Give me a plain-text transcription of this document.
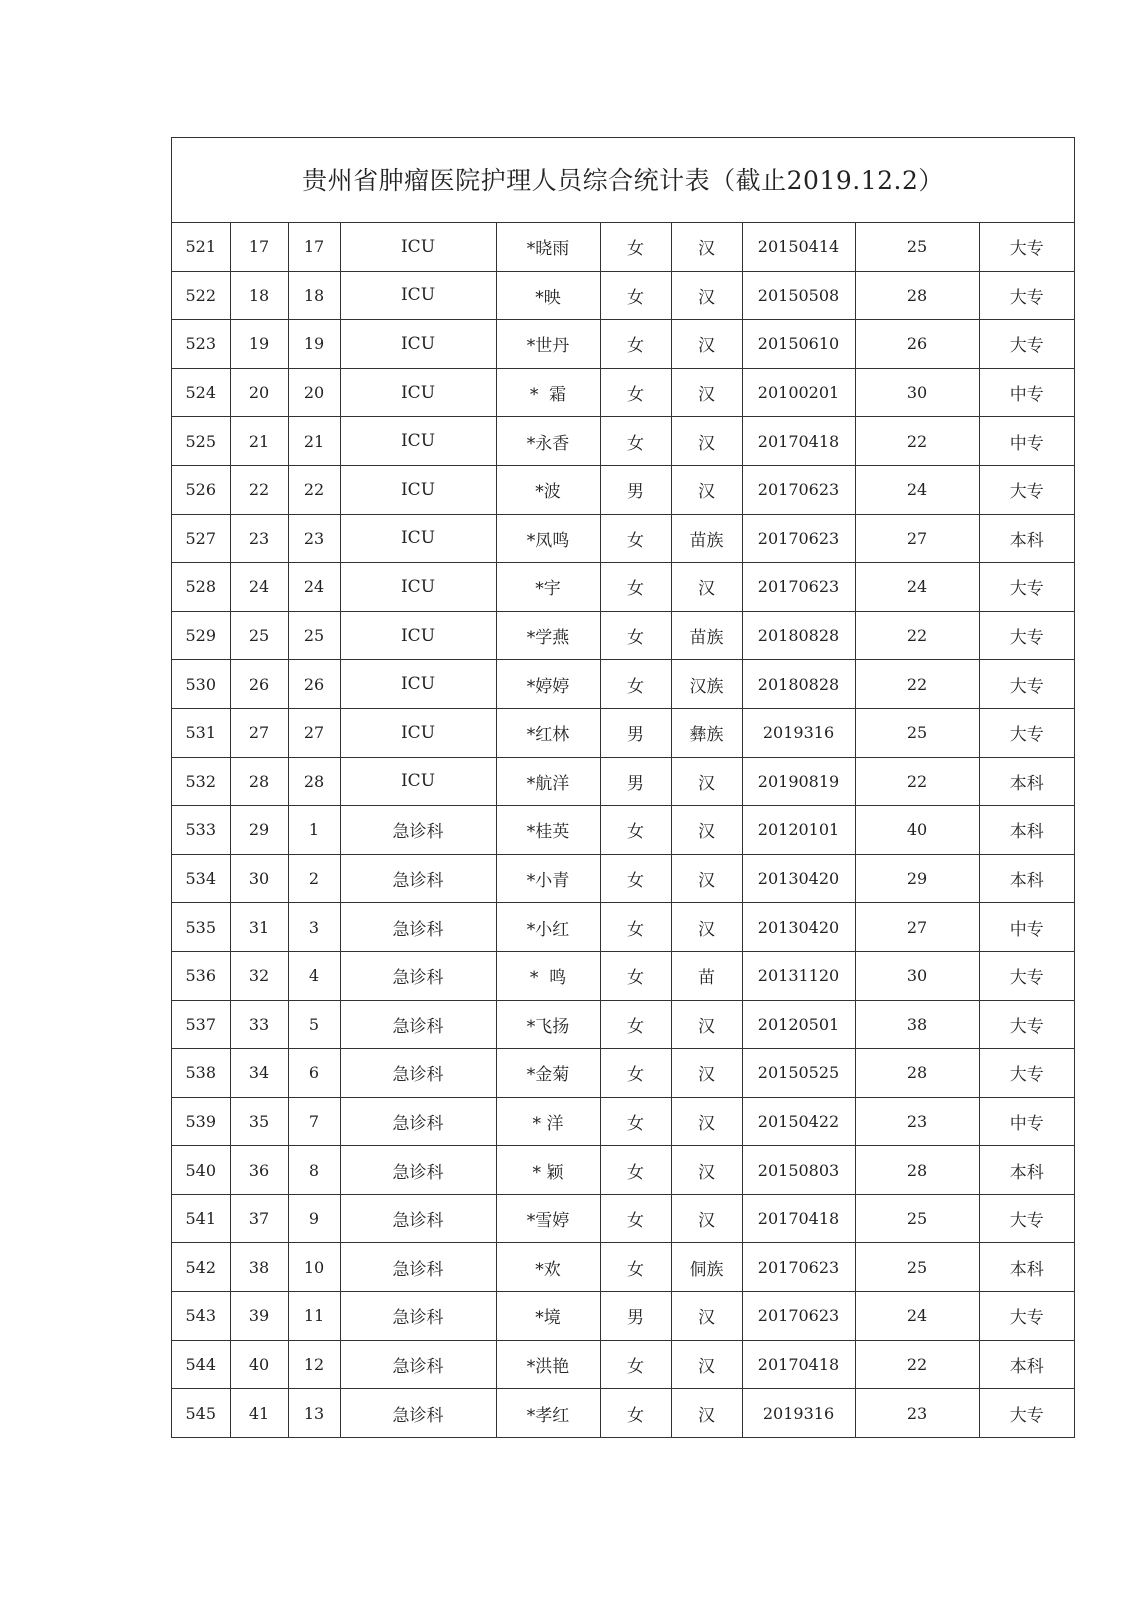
贵州省肿瘤医院护理人员综合统计表（截止2019.12.2）
521	17	17	ICU	*晓雨	女	汉	20150414	25	大专
522	18	18	ICU	*映	女	汉	20150508	28	大专
523	19	19	ICU	*世丹	女	汉	20150610	26	大专
524	20	20	ICU	*  霜	女	汉	20100201	30	中专
525	21	21	ICU	*永香	女	汉	20170418	22	中专
526	22	22	ICU	*波	男	汉	20170623	24	大专
527	23	23	ICU	*凤鸣	女	苗族	20170623	27	本科
528	24	24	ICU	*宇	女	汉	20170623	24	大专
529	25	25	ICU	*学燕	女	苗族	20180828	22	大专
530	26	26	ICU	*婷婷	女	汉族	20180828	22	大专
531	27	27	ICU	*红林	男	彝族	2019316	25	大专
532	28	28	ICU	*航洋	男	汉	20190819	22	本科
533	29	1	急诊科	*桂英	女	汉	20120101	40	本科
534	30	2	急诊科	*小青	女	汉	20130420	29	本科
535	31	3	急诊科	*小红	女	汉	20130420	27	中专
536	32	4	急诊科	*  鸣	女	苗	20131120	30	大专
537	33	5	急诊科	*飞扬	女	汉	20120501	38	大专
538	34	6	急诊科	*金菊	女	汉	20150525	28	大专
539	35	7	急诊科	* 洋	女	汉	20150422	23	中专
540	36	8	急诊科	* 颖	女	汉	20150803	28	本科
541	37	9	急诊科	*雪婷	女	汉	20170418	25	大专
542	38	10	急诊科	*欢	女	侗族	20170623	25	本科
543	39	11	急诊科	*境	男	汉	20170623	24	大专
544	40	12	急诊科	*洪艳	女	汉	20170418	22	本科
545	41	13	急诊科	*孝红	女	汉	2019316	23	大专
